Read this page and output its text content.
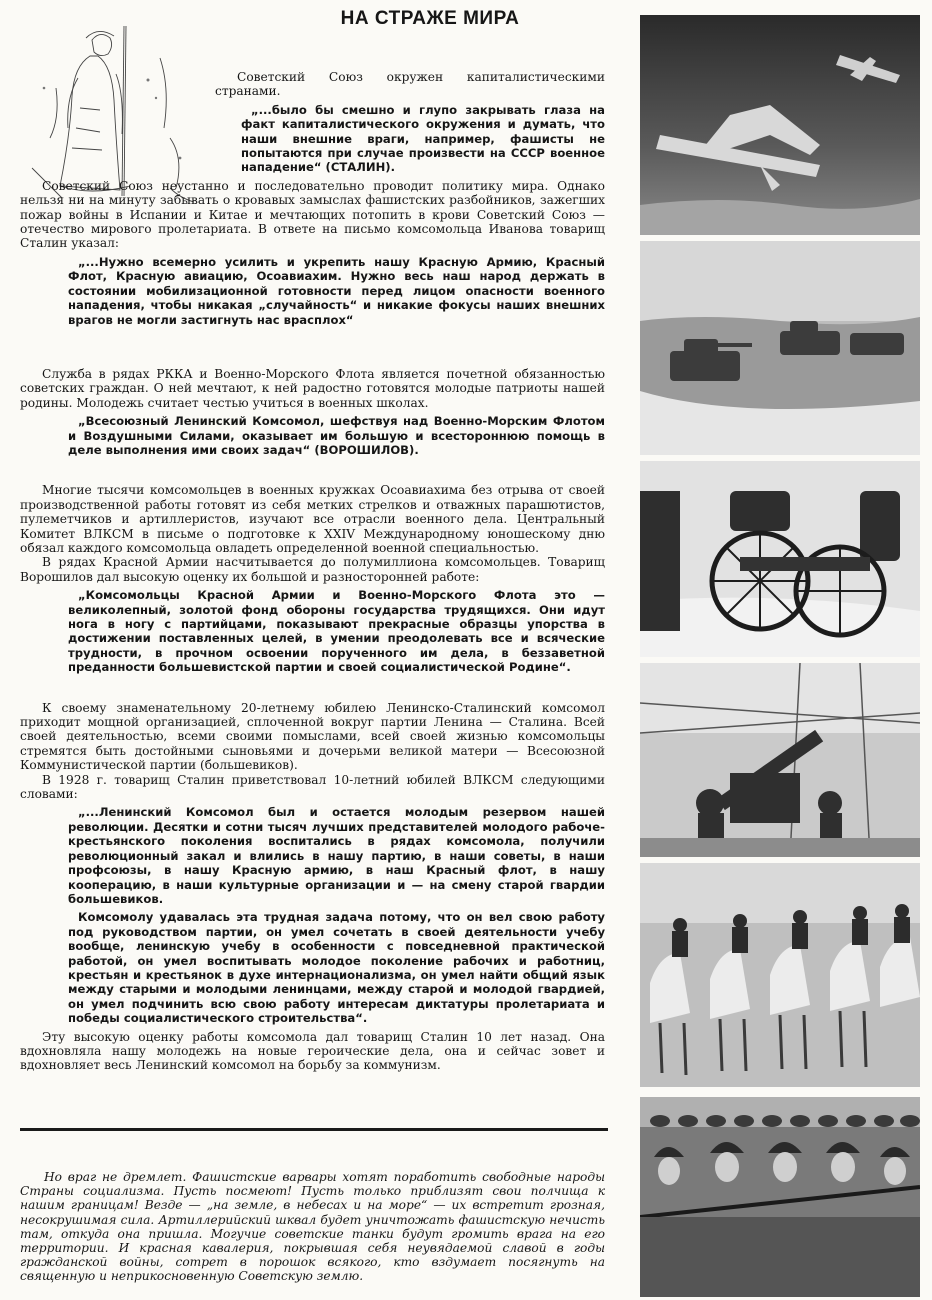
НА СТРАЖЕ МИРА

Советский Союз окружен капиталистическими странами.

„...было бы смешно и глупо закрывать глаза на факт капиталистического окружения и думать, что наши внешние враги, например, фашисты не попытаются при случае произвести на СССР военное нападение“ (СТАЛИН).

Советский Союз неустанно и последовательно проводит политику мира. Однако нельзя ни на минуту забывать о кровавых замыслах фашистских разбойников, зажегших пожар войны в Испании и Китае и мечтающих потопить в крови Советский Союз — отечество мирового пролетариата. В ответе на письмо комсомольца Иванова товарищ Сталин указал:

„...Нужно всемерно усилить и укрепить нашу Красную Армию, Красный Флот, Красную авиацию, Осоавиахим. Нужно весь наш народ держать в состоянии мобилизационной готовности перед лицом опасности военного нападения, чтобы никакая „случайность“ и никакие фокусы наших внешних врагов не могли застигнуть нас врасплох“

Служба в рядах РККА и Военно-Морского Флота является почетной обязанностью советских граждан. О ней мечтают, к ней радостно готовятся молодые патриоты нашей родины. Молодежь считает честью учиться в военных школах.

„Всесоюзный Ленинский Комсомол, шефствуя над Военно-Морским Флотом и Воздушными Силами, оказывает им большую и всестороннюю помощь в деле выполнения ими своих задач“ (ВОРОШИЛОВ).

Многие тысячи комсомольцев в военных кружках Осоавиахима без отрыва от своей производственной работы готовят из себя метких стрелков и отважных парашютистов, пулеметчиков и артиллеристов, изучают все отрасли военного дела. Центральный Комитет ВЛКСМ в письме о подготовке к XXIV Международному юношескому дню обязал каждого комсомольца овладеть определенной военной специальностью.

В рядах Красной Армии насчитывается до полумиллиона комсомольцев. Товарищ Ворошилов дал высокую оценку их большой и разносторонней работе:

„Комсомольцы Красной Армии и Военно-Морского Флота это — великолепный, золотой фонд обороны государства трудящихся. Они идут нога в ногу с партийцами, показывают прекрасные образцы упорства в достижении поставленных целей, в умении преодолевать все и всяческие трудности, в прочном освоении порученного им дела, в беззаветной преданности большевистской партии и своей социалистической Родине“.

К своему знаменательному 20-летнему юбилею Ленинско-Сталинский комсомол приходит мощной организацией, сплоченной вокруг партии Ленина — Сталина. Всей своей деятельностью, всеми своими помыслами, всей своей жизнью комсомольцы стремятся быть достойными сыновьями и дочерьми великой матери — Всесоюзной Коммунистической партии (большевиков).

В 1928 г. товарищ Сталин приветствовал 10-летний юбилей ВЛКСМ следующими словами:

„...Ленинский Комсомол был и остается молодым резервом нашей революции. Десятки и сотни тысяч лучших представителей молодого рабоче-крестьянского поколения воспитались в рядах комсомола, получили революционный закал и влились в нашу партию, в наши советы, в наши профсоюзы, в нашу Красную армию, в наш Красный флот, в нашу кооперацию, в наши культурные организации и — на смену старой гвардии большевиков.
Комсомолу удавалась эта трудная задача потому, что он вел свою работу под руководством партии, он умел сочетать в своей деятельности учебу вообще, ленинскую учебу в особенности с повседневной практической работой, он умел воспитывать молодое поколение рабочих и работниц, крестьян и крестьянок в духе интернационализма, он умел найти общий язык между старыми и молодыми ленинцами, между старой и молодой гвардией, он умел подчинить всю свою работу интересам диктатуры пролетариата и победы социалистического строительства“.

Эту высокую оценку работы комсомола дал товарищ Сталин 10 лет назад. Она вдохновляла нашу молодежь на новые героические дела, она и сейчас зовет и вдохновляет весь Ленинский комсомол на борьбу за коммунизм.

Но враг не дремлет. Фашистские варвары хотят поработить свободные народы Страны социализма. Пусть посмеют! Пусть только приблизят свои полчища к нашим границам! Везде — „на земле, в небесах и на море“ — их встретит грозная, несокрушимая сила. Артиллерийский шквал будет уничтожать фашистскую нечисть там, откуда она пришла. Могучие советские танки будут громить врага на его территории. И красная кавалерия, покрывшая себя неувядаемой славой в годы гражданской войны, сотрет в порошок всякого, кто вздумает посягнуть на священную и неприкосновенную Советскую землю.
